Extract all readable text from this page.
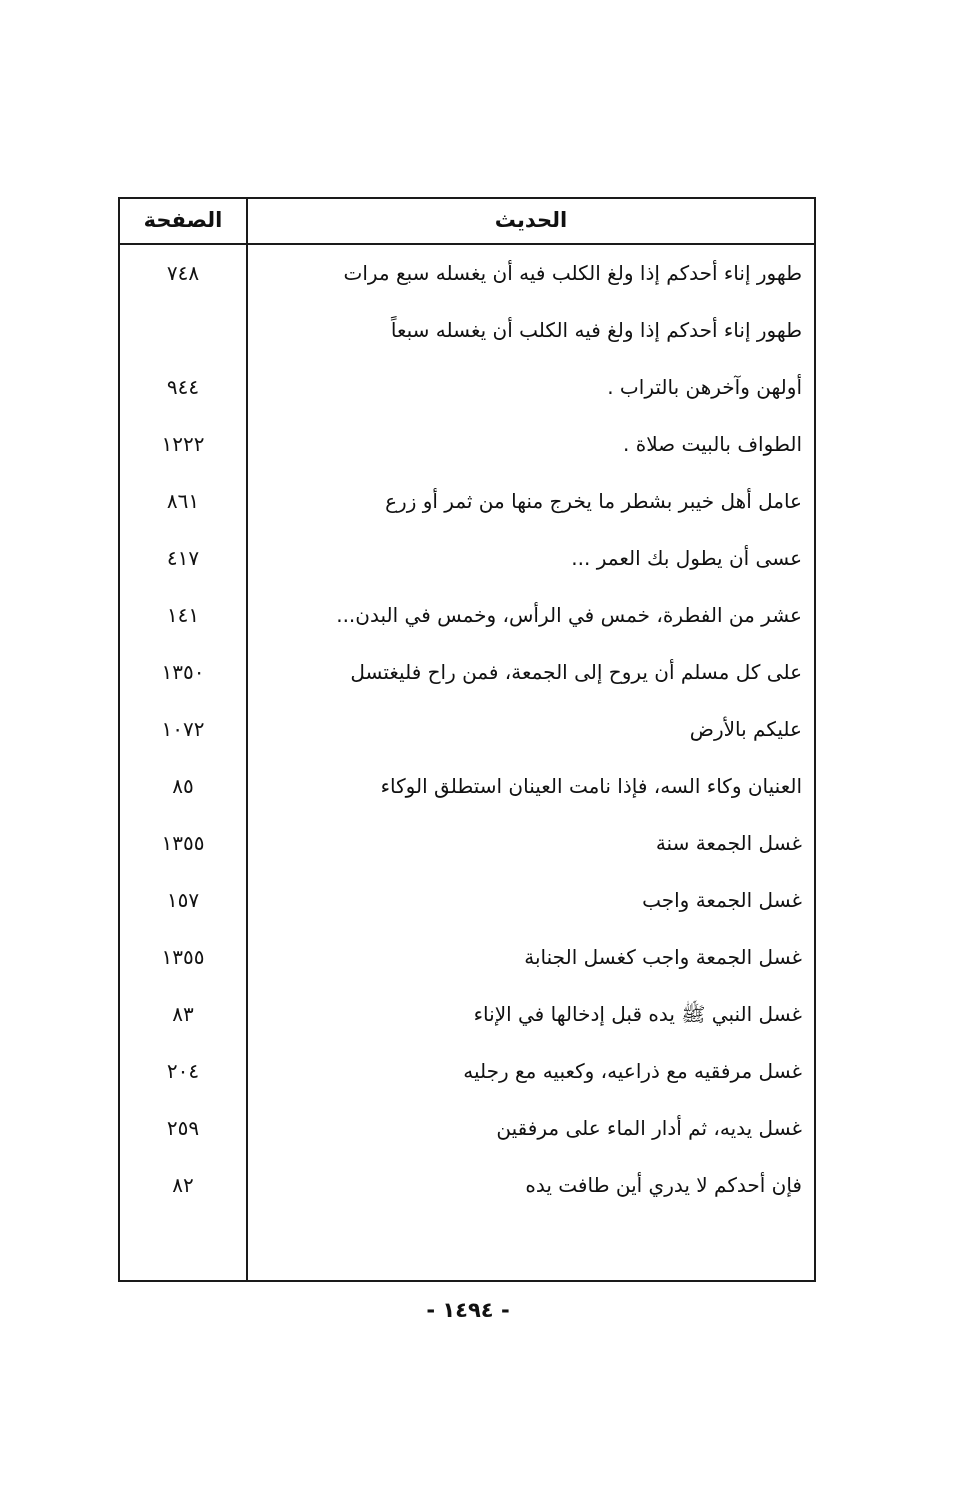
الحديث
الصفحة
طهور إناء أحدكم إذا ولغ الكلب فيه أن يغسله سبع مرات
٧٤٨
طهور إناء أحدكم إذا ولغ فيه الكلب أن يغسله سبعاً
أولهن وآخرهن بالتراب .
٩٤٤
الطواف بالبيت صلاة .
١٢٢٢
عامل أهل خيبر بشطر ما يخرج منها من ثمر أو زرع
٨٦١
عسى أن يطول بك العمر ...
٤١٧
عشر من الفطرة، خمس في الرأس، وخمس في البدن...
١٤١
على كل مسلم أن يروح إلى الجمعة، فمن راح فليغتسل
١٣٥٠
عليكم بالأرض
١٠٧٢
العنيان وكاء السه، فإذا نامت العينان استطلق الوكاء
٨٥
غسل الجمعة سنة
١٣٥٥
غسل الجمعة واجب
١٥٧
غسل الجمعة واجب كغسل الجنابة
١٣٥٥
غسل النبي ﷺ يده قبل إدخالها في الإناء
٨٣
غسل مرفقيه مع ذراعيه، وكعبيه مع رجليه
٢٠٤
غسل يديه، ثم أدار الماء على مرفقين
٢٥٩
فإن أحدكم لا يدري أين طافت يده
٨٢
- ١٤٩٤ -
